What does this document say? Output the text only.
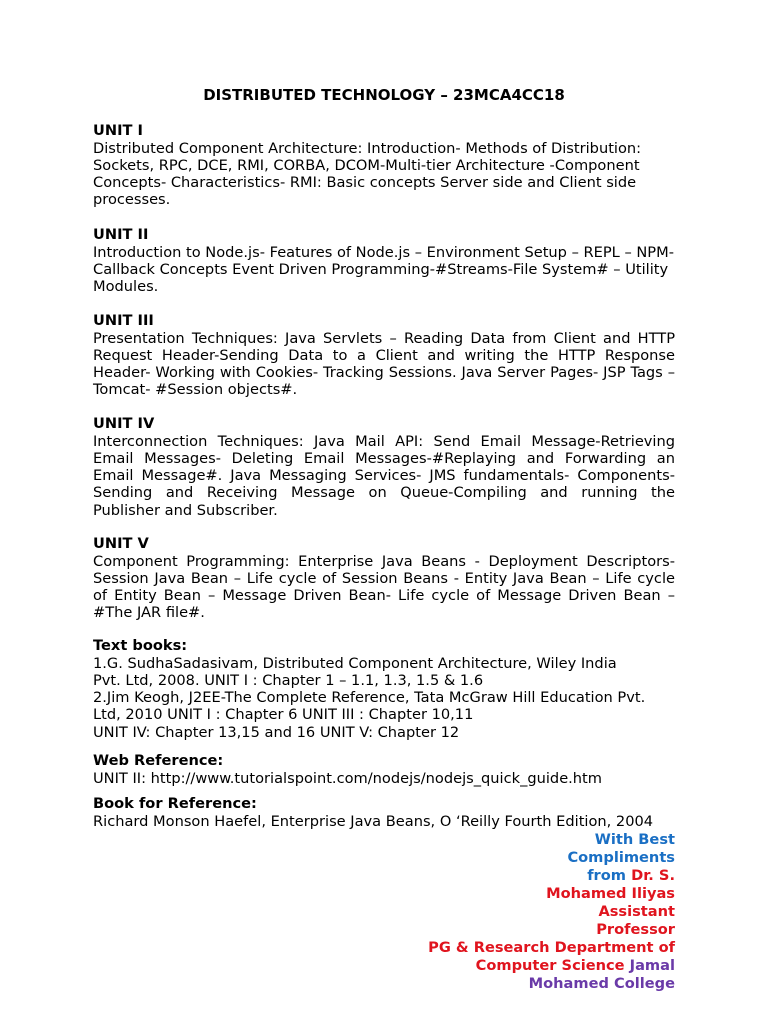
DISTRIBUTED TECHNOLOGY – 23MCA4CC18

UNIT I

Distributed Component Architecture: Introduction- Methods of Distribution: Sockets, RPC, DCE, RMI, CORBA, DCOM-Multi-tier Architecture -Component Concepts- Characteristics- RMI: Basic concepts Server side and Client side processes.

UNIT II

Introduction to Node.js- Features of Node.js – Environment Setup – REPL – NPM- Callback Concepts Event Driven Programming-#Streams-File System# – Utility Modules.

UNIT III

Presentation Techniques: Java Servlets – Reading Data from Client and HTTP Request Header-Sending Data to a Client and writing the HTTP Response Header- Working with Cookies- Tracking Sessions. Java Server Pages- JSP Tags – Tomcat- #Session objects#.

UNIT IV

Interconnection Techniques: Java Mail API: Send Email Message-Retrieving Email Messages- Deleting Email Messages-#Replaying and Forwarding an Email Message#. Java Messaging Services- JMS fundamentals- Components-Sending and Receiving Message on Queue-Compiling and running the Publisher and Subscriber.

UNIT V

Component Programming: Enterprise Java Beans - Deployment Descriptors-Session Java Bean – Life cycle of Session Beans - Entity Java Bean – Life cycle of Entity Bean – Message Driven Bean- Life cycle of Message Driven Bean –#The JAR file#.

Text books:

1.G. SudhaSadasivam, Distributed Component Architecture, Wiley India

Pvt. Ltd, 2008. UNIT I : Chapter 1 – 1.1, 1.3, 1.5 & 1.6

2.Jim Keogh, J2EE-The Complete Reference, Tata McGraw Hill Education Pvt.

Ltd, 2010 UNIT I : Chapter 6 UNIT III : Chapter 10,11

UNIT IV: Chapter 13,15 and 16 UNIT V: Chapter 12

Web Reference:

UNIT II: http://www.tutorialspoint.com/nodejs/nodejs_quick_guide.htm

Book for Reference:

Richard Monson Haefel, Enterprise Java Beans, O ‘Reilly Fourth Edition, 2004

With Best
Compliments
from Dr. S.
Mohamed Iliyas
Assistant
Professor
PG & Research Department of
Computer Science Jamal
Mohamed College
